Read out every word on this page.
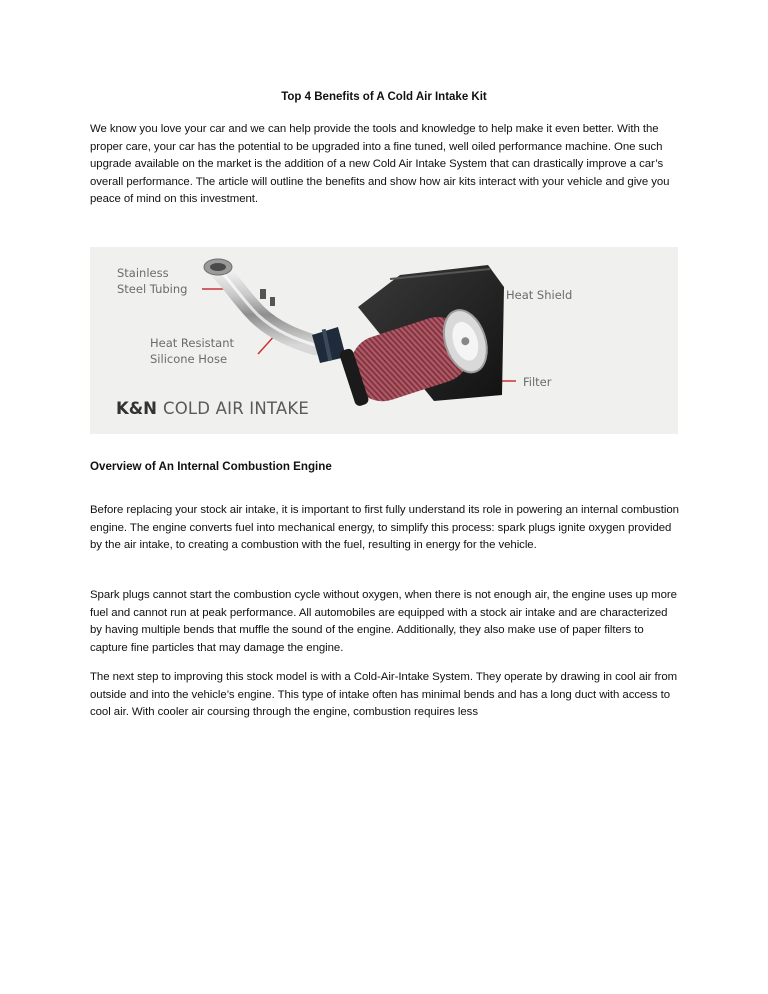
Top 4 Benefits of A Cold Air Intake Kit

We know you love your car and we can help provide the tools and knowledge to help make it even better. With the proper care, your car has the potential to be upgraded into a fine tuned, well oiled performance machine. One such upgrade available on the market is the addition of a new Cold Air Intake System that can drastically improve a car’s overall performance. The article will outline the benefits and show how air kits interact with your vehicle and give you peace of mind on this investment.

Stainless
Steel Tubing
Heat Resistant
Silicone Hose
Heat Shield
Filter
K&N COLD AIR INTAKE

Overview of An Internal Combustion Engine

Before replacing your stock air intake, it is important to first fully understand its role in powering an internal combustion engine. The engine converts fuel into mechanical energy, to simplify this process: spark plugs ignite oxygen provided by the air intake, to creating a combustion with the fuel, resulting in energy for the vehicle.

Spark plugs cannot start the combustion cycle without oxygen, when there is not enough air, the engine uses up more fuel and cannot run at peak performance. All automobiles are equipped with a stock air intake and are characterized by having multiple bends that muffle the sound of the engine. Additionally, they also make use of paper filters to capture fine particles that may damage the engine.

The next step to improving this stock model is with a Cold-Air-Intake System. They operate by drawing in cool air from outside and into the vehicle’s engine. This type of intake often has minimal bends and has a long duct with access to cool air. With cooler air coursing through the engine, combustion requires less
